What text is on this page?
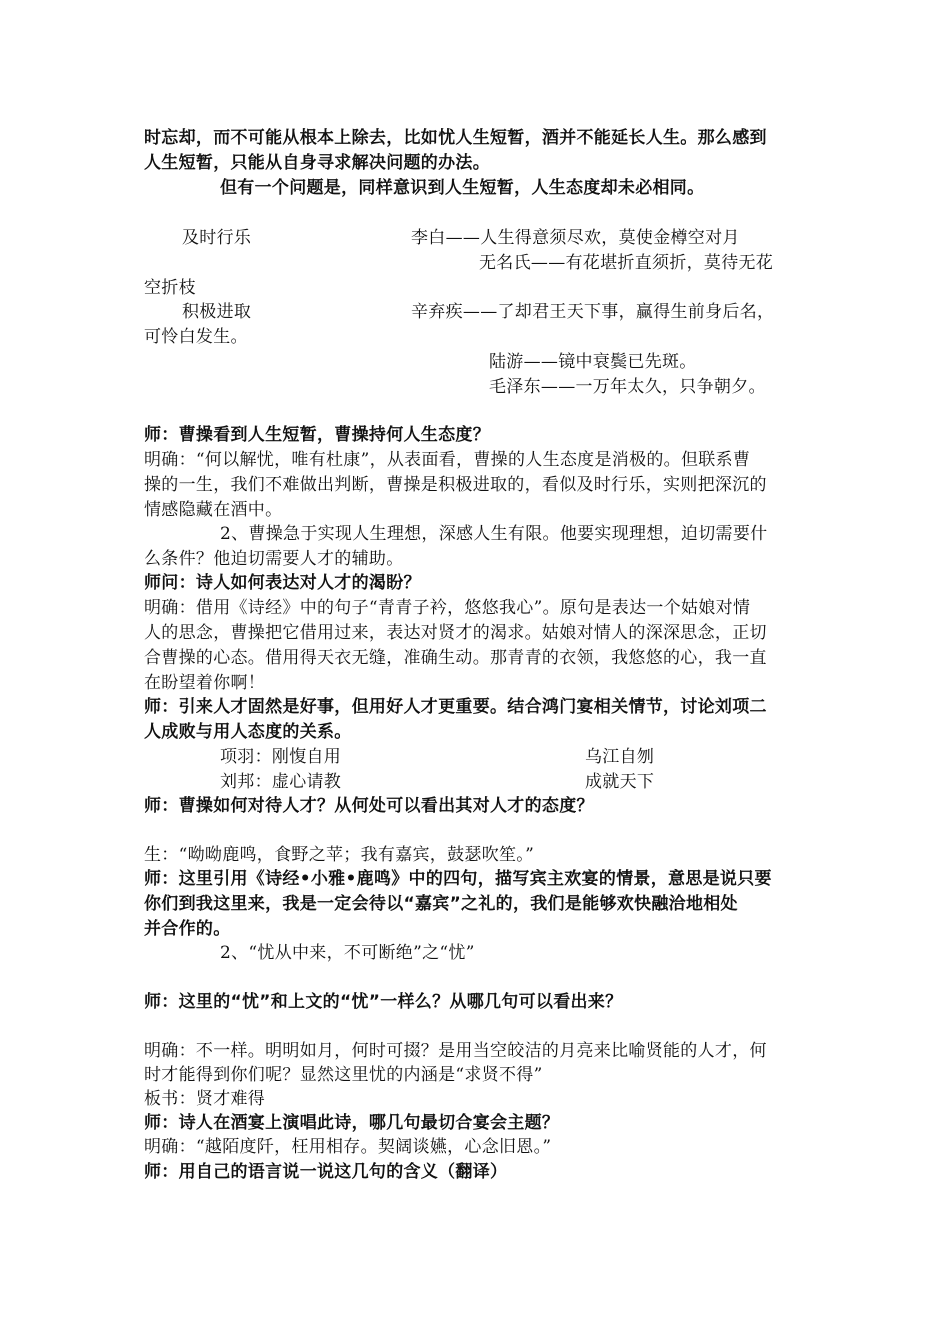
时忘却，而不可能从根本上除去，比如忧人生短暂，酒并不能延长人生。那么感到
人生短暂，只能从自身寻求解决问题的办法。
但有一个问题是，同样意识到人生短暂，人生态度却未必相同。
及时行乐	李白——人生得意须尽欢，莫使金樽空对月
无名氏——有花堪折直须折，莫待无花
空折枝
积极进取	辛弃疾——了却君王天下事，赢得生前身后名，
可怜白发生。
陆游——镜中衰鬓已先斑。
毛泽东——一万年太久，只争朝夕。
师：曹操看到人生短暂，曹操持何人生态度？
明确：“何以解忧，唯有杜康”，从表面看，曹操的人生态度是消极的。但联系曹
操的一生，我们不难做出判断，曹操是积极进取的，看似及时行乐，实则把深沉的
情感隐藏在酒中。
2、曹操急于实现人生理想，深感人生有限。他要实现理想，迫切需要什
么条件？他迫切需要人才的辅助。
师问：诗人如何表达对人才的渴盼？
明确：借用《诗经》中的句子“青青子衿，悠悠我心”。原句是表达一个姑娘对情
人的思念，曹操把它借用过来，表达对贤才的渴求。姑娘对情人的深深思念，正切
合曹操的心态。借用得天衣无缝，准确生动。那青青的衣领，我悠悠的心，我一直
在盼望着你啊！
师：引来人才固然是好事，但用好人才更重要。结合鸿门宴相关情节，讨论刘项二
人成败与用人态度的关系。
项羽：刚愎自用	乌江自刎
刘邦：虚心请教	成就天下
师：曹操如何对待人才？从何处可以看出其对人才的态度？
生：“呦呦鹿鸣，食野之苹；我有嘉宾，鼓瑟吹笙。”
师：这里引用《诗经•小雅•鹿鸣》中的四句，描写宾主欢宴的情景，意思是说只要
你们到我这里来，我是一定会待以“嘉宾”之礼的，我们是能够欢快融洽地相处
并合作的。
2、“忧从中来，不可断绝”之“忧”
师：这里的“忧”和上文的“忧”一样么？从哪几句可以看出来？
明确：不一样。明明如月，何时可掇？是用当空皎洁的月亮来比喻贤能的人才，何
时才能得到你们呢？显然这里忧的内涵是“求贤不得”
板书：贤才难得
师：诗人在酒宴上演唱此诗，哪几句最切合宴会主题？
明确：“越陌度阡，枉用相存。契阔谈嬿，心念旧恩。”
师：用自己的语言说一说这几句的含义（翻译）
